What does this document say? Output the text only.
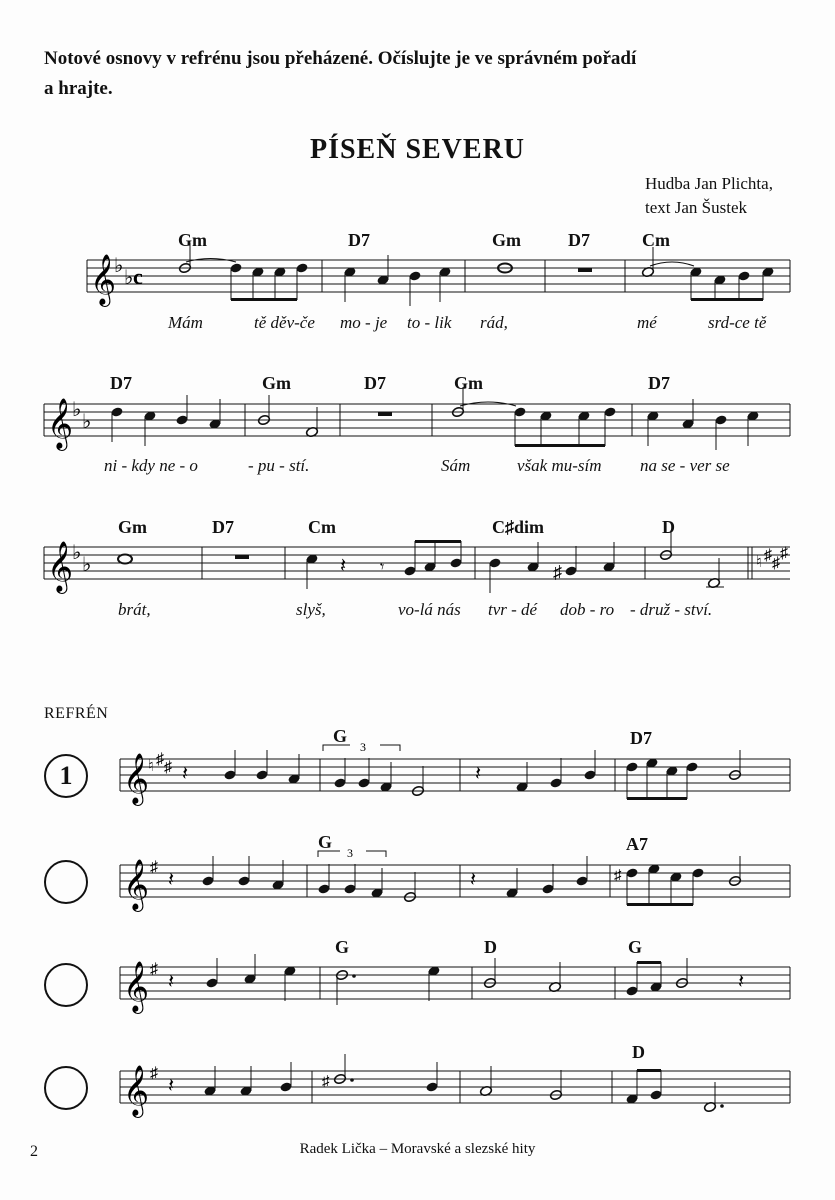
Notové osnovy v refrénu jsou přeházené. Očíslujte je ve správném pořadí
a hrajte.
PÍSEŇ SEVERU
Hudba Jan Plichta,
text Jan Šustek
Gm	D7	Gm	D7	Cm
𝄞
♭
♭ c
Mám	tě děv-če mo - je to - lik rád,	mé	srd-ce tě
D7	Gm	D7	Gm	D7
𝄞
♭
♭
ni - kdy ne - o	- pu - stí.	Sám	však mu-sím na se - ver se
Gm	D7	Cm	C♯dim	D
𝄞
♭
♭	𝄽 𝄾	♯	♮ ♯ ♯
♯
brát,	slyš,	vo-lá nás tvr - dé dob - ro - druž - ství.
REFRÉN
1
G	D7
𝄞
♮ ♯ ♯ 𝄽
3
𝄽
G	A7
𝄞 ♯
𝄽
3
𝄽	♯
G	D	G
𝄞 ♯
𝄽	𝄽
D
𝄞 ♯
𝄽	♯
2	Radek Lička – Moravské a slezské hity
